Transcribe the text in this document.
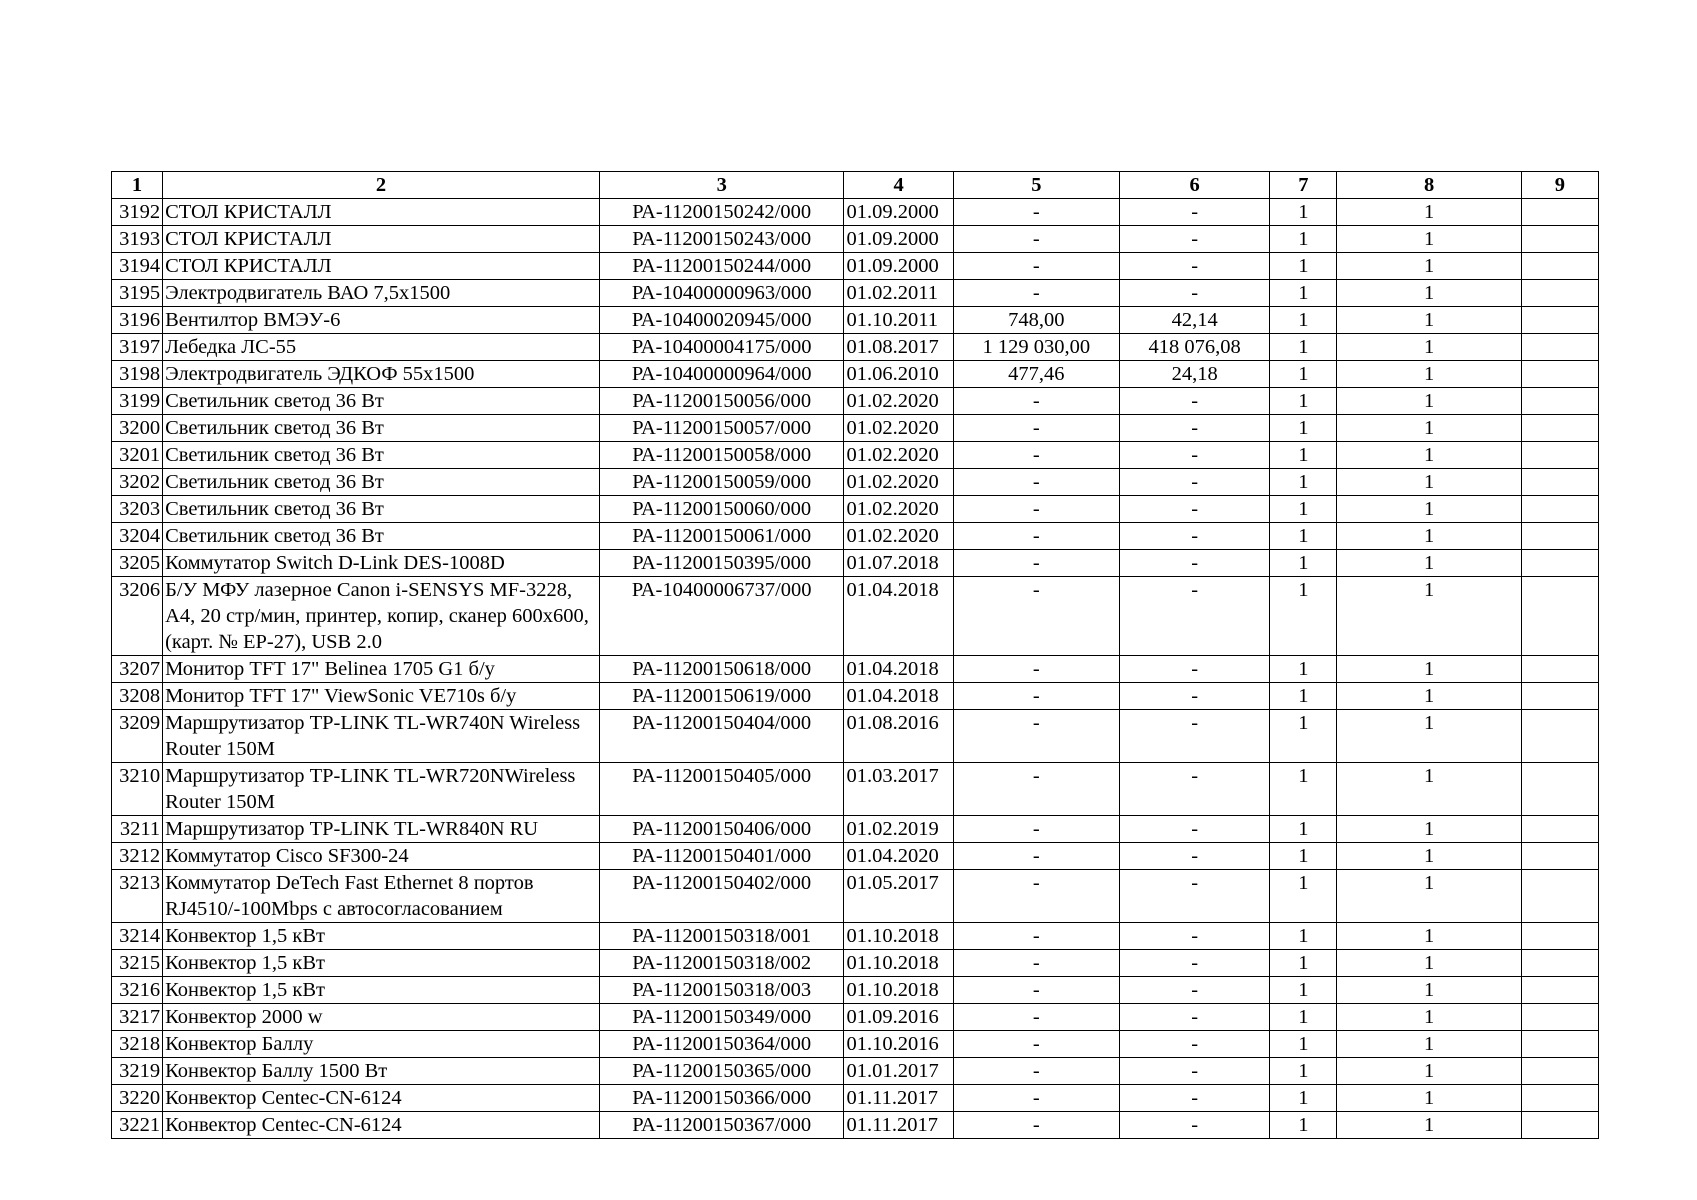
1	2	3	4	5	6	7	8	9
3192	СТОЛ КРИСТАЛЛ	РА-11200150242/000	01.09.2000	-	-	1	1	
3193	СТОЛ КРИСТАЛЛ	РА-11200150243/000	01.09.2000	-	-	1	1	
3194	СТОЛ КРИСТАЛЛ	РА-11200150244/000	01.09.2000	-	-	1	1	
3195	Электродвигатель ВАО 7,5х1500	РА-10400000963/000	01.02.2011	-	-	1	1	
3196	Вентилтор ВМЭУ-6	РА-10400020945/000	01.10.2011	748,00	42,14	1	1	
3197	Лебедка ЛС-55	РА-10400004175/000	01.08.2017	1 129 030,00	418 076,08	1	1	
3198	Электродвигатель ЭДКОФ 55х1500	РА-10400000964/000	01.06.2010	477,46	24,18	1	1	
3199	Светильник светод 36 Вт	РА-11200150056/000	01.02.2020	-	-	1	1	
3200	Светильник светод 36 Вт	РА-11200150057/000	01.02.2020	-	-	1	1	
3201	Светильник светод 36 Вт	РА-11200150058/000	01.02.2020	-	-	1	1	
3202	Светильник светод 36 Вт	РА-11200150059/000	01.02.2020	-	-	1	1	
3203	Светильник светод 36 Вт	РА-11200150060/000	01.02.2020	-	-	1	1	
3204	Светильник светод 36 Вт	РА-11200150061/000	01.02.2020	-	-	1	1	
3205	Коммутатор Switch D-Link DES-1008D	РА-11200150395/000	01.07.2018	-	-	1	1	
3206	Б/У МФУ лазерное Canon i-SENSYS MF-3228, A4, 20 стр/мин, принтер, копир, сканер 600x600, (карт. № ЕР-27), USB 2.0	РА-10400006737/000	01.04.2018	-	-	1	1	
3207	Монитор TFT 17" Belinea 1705 G1 б/у	РА-11200150618/000	01.04.2018	-	-	1	1	
3208	Монитор TFT 17" ViewSonic VE710s б/у	РА-11200150619/000	01.04.2018	-	-	1	1	
3209	Маршрутизатор TP-LINK TL-WR740N Wireless Router 150M	РА-11200150404/000	01.08.2016	-	-	1	1	
3210	Маршрутизатор TP-LINK TL-WR720NWireless Router 150M	РА-11200150405/000	01.03.2017	-	-	1	1	
3211	Маршрутизатор TP-LINK TL-WR840N RU	РА-11200150406/000	01.02.2019	-	-	1	1	
3212	Коммутатор Cisco SF300-24	РА-11200150401/000	01.04.2020	-	-	1	1	
3213	Коммутатор DeTech Fast Ethernet 8 портов RJ4510/-100Mbps с автосогласованием	РА-11200150402/000	01.05.2017	-	-	1	1	
3214	Конвектор 1,5 кВт	РА-11200150318/001	01.10.2018	-	-	1	1	
3215	Конвектор 1,5 кВт	РА-11200150318/002	01.10.2018	-	-	1	1	
3216	Конвектор 1,5 кВт	РА-11200150318/003	01.10.2018	-	-	1	1	
3217	Конвектор 2000 w	РА-11200150349/000	01.09.2016	-	-	1	1	
3218	Конвектор Баллу	РА-11200150364/000	01.10.2016	-	-	1	1	
3219	Конвектор Баллу 1500 Вт	РА-11200150365/000	01.01.2017	-	-	1	1	
3220	Конвектор Centec-CN-6124	РА-11200150366/000	01.11.2017	-	-	1	1	
3221	Конвектор Centec-CN-6124	РА-11200150367/000	01.11.2017	-	-	1	1	
